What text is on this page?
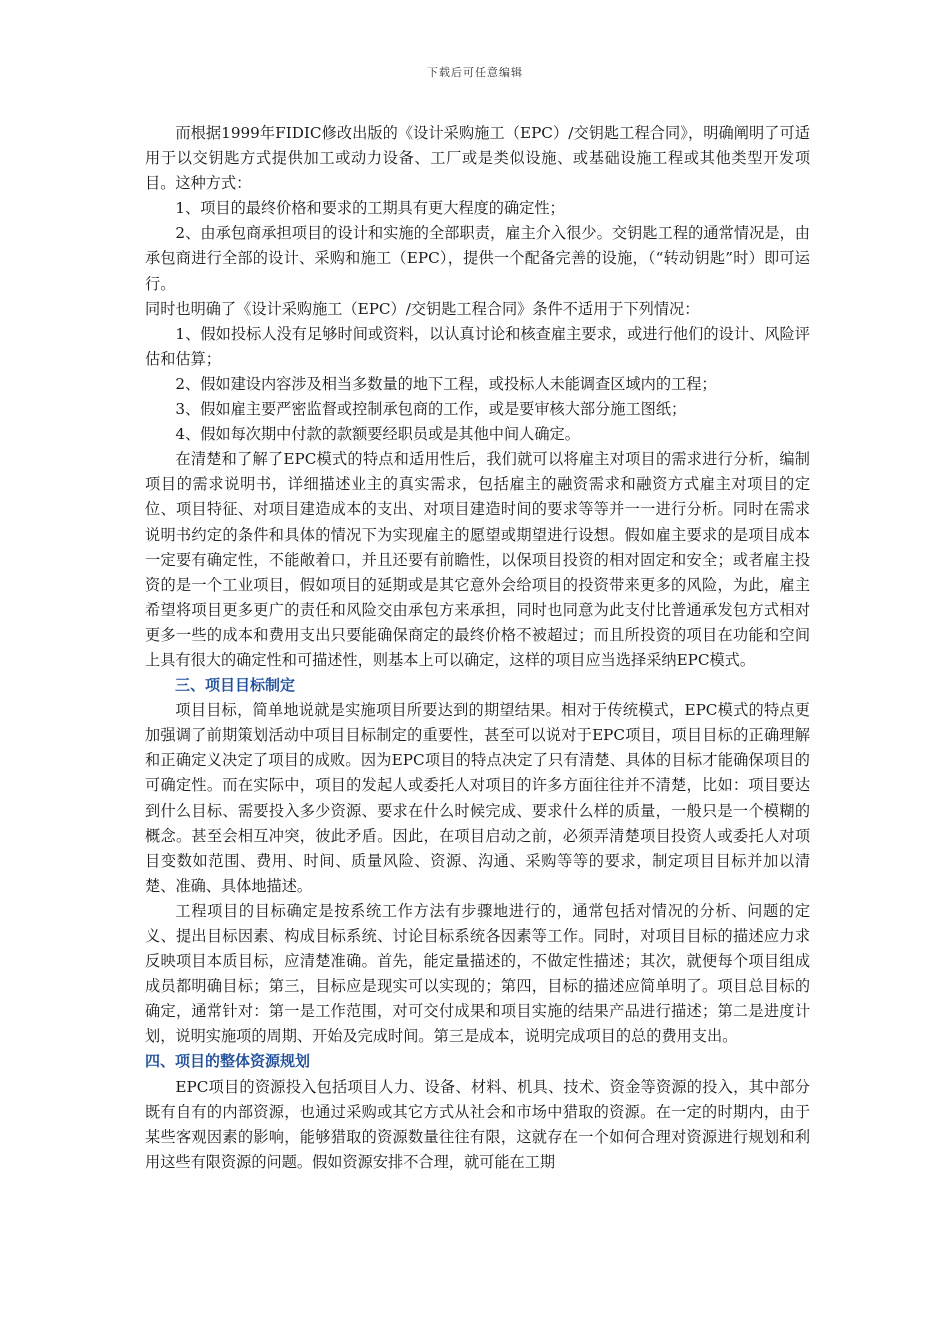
下载后可任意编辑

而根据1999年FIDIC修改出版的《设计采购施工（EPC）/交钥匙工程合同》，明确阐明了可适用于以交钥匙方式提供加工或动力设备、工厂或是类似设施、或基础设施工程或其他类型开发项目。这种方式：

1、项目的最终价格和要求的工期具有更大程度的确定性；

2、由承包商承担项目的设计和实施的全部职责，雇主介入很少。交钥匙工程的通常情况是，由承包商进行全部的设计、采购和施工（EPC），提供一个配备完善的设施，（“转动钥匙”时）即可运行。

同时也明确了《设计采购施工（EPC）/交钥匙工程合同》条件不适用于下列情况：

1、假如投标人没有足够时间或资料，以认真讨论和核查雇主要求，或进行他们的设计、风险评估和估算；

2、假如建设内容涉及相当多数量的地下工程，或投标人未能调查区域内的工程；

3、假如雇主要严密监督或控制承包商的工作，或是要审核大部分施工图纸；

4、假如每次期中付款的款额要经职员或是其他中间人确定。

在清楚和了解了EPC模式的特点和适用性后，我们就可以将雇主对项目的需求进行分析，编制项目的需求说明书，详细描述业主的真实需求，包括雇主的融资需求和融资方式雇主对项目的定位、项目特征、对项目建造成本的支出、对项目建造时间的要求等等并一一进行分析。同时在需求说明书约定的条件和具体的情况下为实现雇主的愿望或期望进行设想。假如雇主要求的是项目成本一定要有确定性，不能敞着口，并且还要有前瞻性，以保项目投资的相对固定和安全；或者雇主投资的是一个工业项目，假如项目的延期或是其它意外会给项目的投资带来更多的风险，为此，雇主希望将项目更多更广的责任和风险交由承包方来承担，同时也同意为此支付比普通承发包方式相对更多一些的成本和费用支出只要能确保商定的最终价格不被超过；而且所投资的项目在功能和空间上具有很大的确定性和可描述性，则基本上可以确定，这样的项目应当选择采纳EPC模式。

三、项目目标制定

项目目标，简单地说就是实施项目所要达到的期望结果。相对于传统模式，EPC模式的特点更加强调了前期策划活动中项目目标制定的重要性，甚至可以说对于EPC项目，项目目标的正确理解和正确定义决定了项目的成败。因为EPC项目的特点决定了只有清楚、具体的目标才能确保项目的可确定性。而在实际中，项目的发起人或委托人对项目的许多方面往往并不清楚，比如：项目要达到什么目标、需要投入多少资源、要求在什么时候完成、要求什么样的质量，一般只是一个模糊的概念。甚至会相互冲突，彼此矛盾。因此，在项目启动之前，必须弄清楚项目投资人或委托人对项目变数如范围、费用、时间、质量风险、资源、沟通、采购等等的要求，制定项目目标并加以清楚、准确、具体地描述。

工程项目的目标确定是按系统工作方法有步骤地进行的，通常包括对情况的分析、问题的定义、提出目标因素、构成目标系统、讨论目标系统各因素等工作。同时，对项目目标的描述应力求反映项目本质目标，应清楚准确。首先，能定量描述的，不做定性描述；其次，就便每个项目组成成员都明确目标；第三，目标应是现实可以实现的；第四，目标的描述应简单明了。项目总目标的确定，通常针对：第一是工作范围，对可交付成果和项目实施的结果产品进行描述；第二是进度计划，说明实施项的周期、开始及完成时间。第三是成本，说明完成项目的总的费用支出。

四、项目的整体资源规划

EPC项目的资源投入包括项目人力、设备、材料、机具、技术、资金等资源的投入，其中部分既有自有的内部资源，也通过采购或其它方式从社会和市场中猎取的资源。在一定的时期内，由于某些客观因素的影响，能够猎取的资源数量往往有限，这就存在一个如何合理对资源进行规划和利用这些有限资源的问题。假如资源安排不合理，就可能在工期
